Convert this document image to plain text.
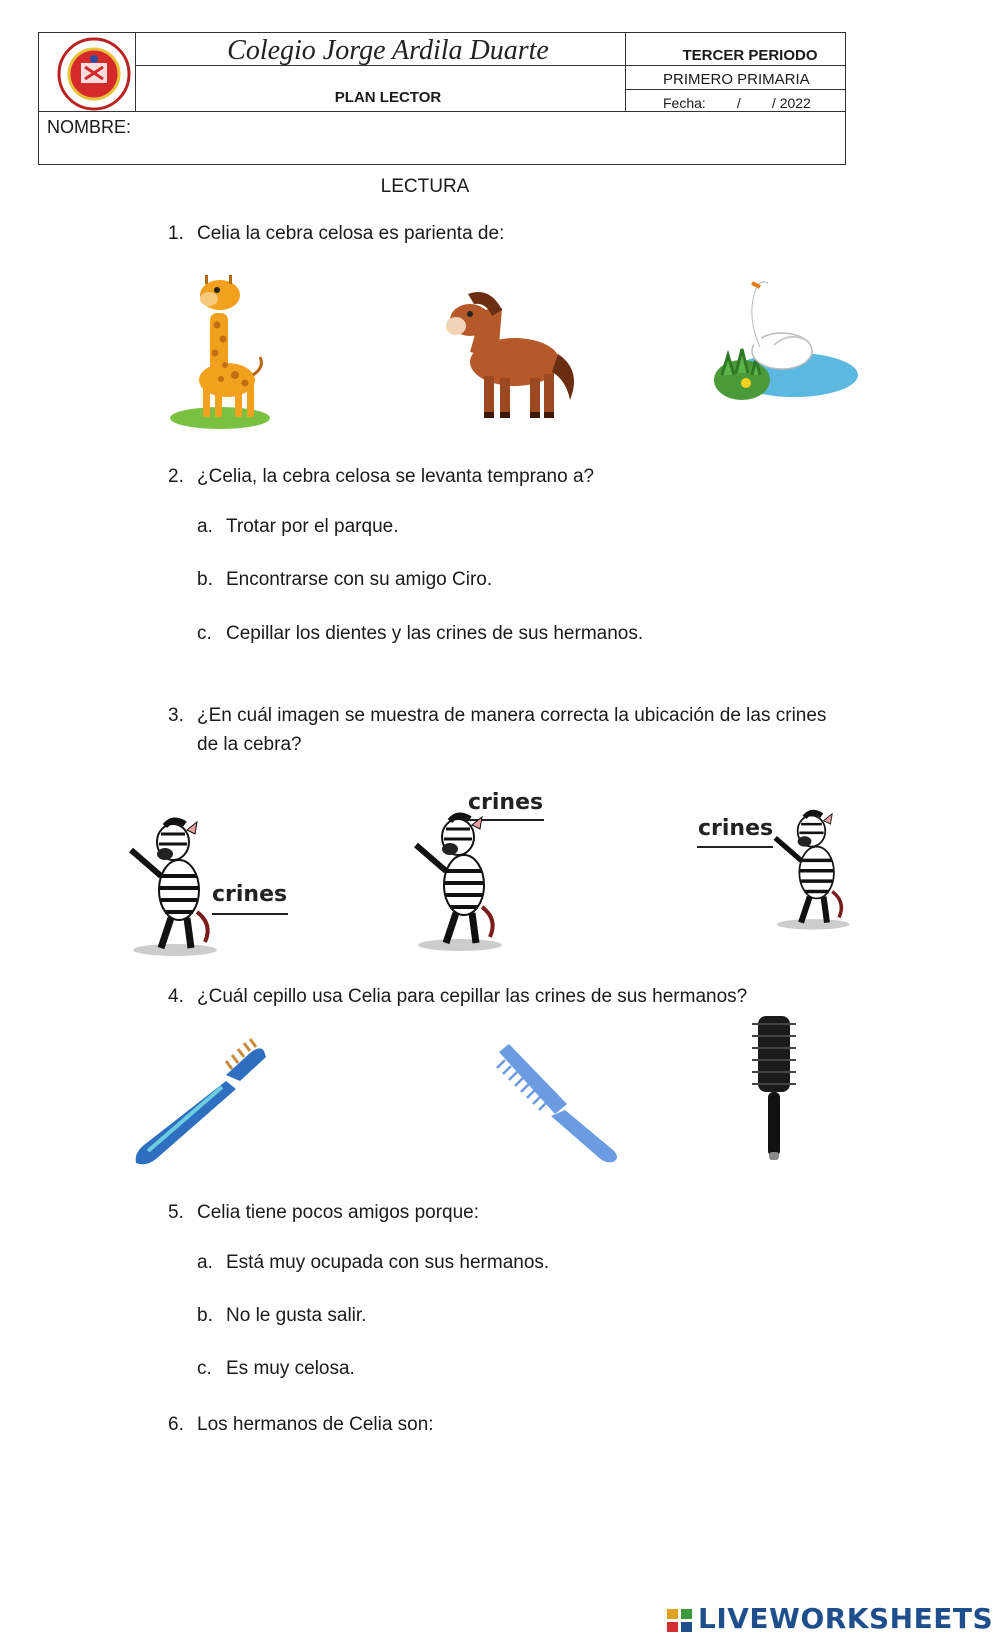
Colegio Jorge Ardila Duarte
PLAN LECTOR
TERCER PERIODO
PRIMERO PRIMARIA
Fecha:        /        / 2022
NOMBRE:
LECTURA
1. Celia la cebra celosa es parienta de:
2. ¿Celia, la cebra celosa se levanta temprano a?
a. Trotar por el parque.
b. Encontrarse con su amigo Ciro.
c. Cepillar los dientes y las crines de sus hermanos.
3. ¿En cuál imagen se muestra de manera correcta la ubicación de las crines de la cebra?
crines
crines
crines
4. ¿Cuál cepillo usa Celia para cepillar las crines de sus hermanos?
5. Celia tiene pocos amigos porque:
a. Está muy ocupada con sus hermanos.
b. No le gusta salir.
c. Es muy celosa.
6. Los hermanos de Celia son:
LIVEWORKSHEETS
